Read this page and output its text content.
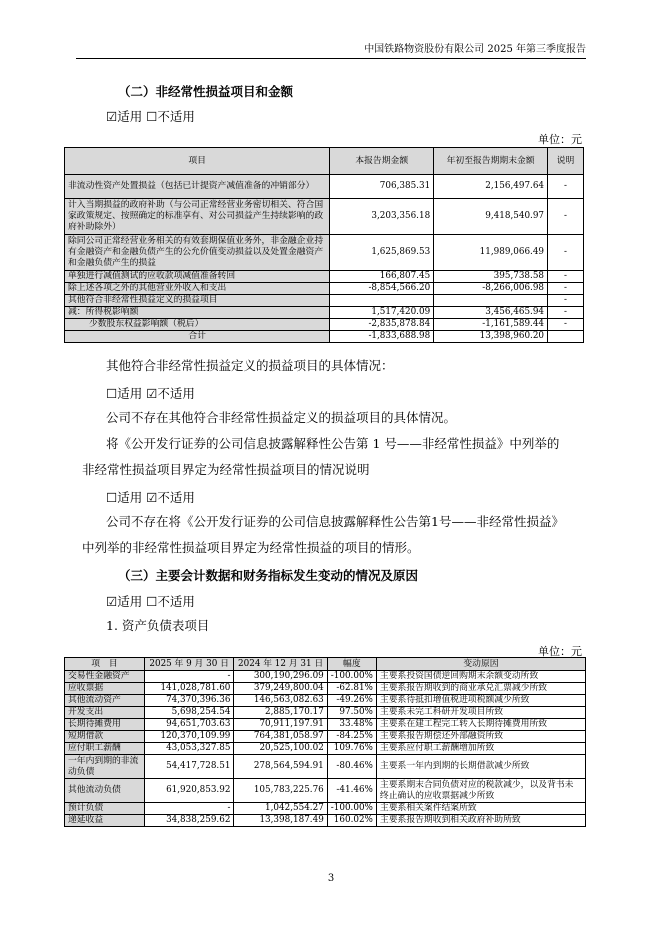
中国铁路物资股份有限公司 2025 年第三季度报告
（二）非经常性损益项目和金额
☑适用 ☐不适用
单位：元
项目	本报告期金额	年初至报告期期末金额	说明
非流动性资产处置损益（包括已计提资产减值准备的冲销部分）	706,385.31	2,156,497.64	-
计入当期损益的政府补助（与公司正常经营业务密切相关、符合国家政策规定、按照确定的标准享有、对公司损益产生持续影响的政府补助除外）	3,203,356.18	9,418,540.97	-
除同公司正常经营业务相关的有效套期保值业务外，非金融企业持有金融资产和金融负债产生的公允价值变动损益以及处置金融资产和金融负债产生的损益	1,625,869.53	11,989,066.49	-
单独进行减值测试的应收款项减值准备转回	166,807.45	395,738.58	-
除上述各项之外的其他营业外收入和支出	-8,854,566.20	-8,266,006.98	-
其他符合非经常性损益定义的损益项目			-
减：所得税影响额	1,517,420.09	3,456,465.94	-
少数股东权益影响额（税后）	-2,835,878.84	-1,161,589.44	-
合计	-1,833,688.98	13,398,960.20	
其他符合非经常性损益定义的损益项目的具体情况：
☐适用 ☑不适用
公司不存在其他符合非经常性损益定义的损益项目的具体情况。
将《公开发行证券的公司信息披露解释性公告第 1 号——非经常性损益》中列举的
非经常性损益项目界定为经常性损益项目的情况说明
☐适用 ☑不适用
公司不存在将《公开发行证券的公司信息披露解释性公告第1号——非经常性损益》
中列举的非经常性损益项目界定为经常性损益的项目的情形。
（三）主要会计数据和财务指标发生变动的情况及原因
☑适用 ☐不适用
1. 资产负债表项目
单位：元
项　目	2025 年 9 月 30 日	2024 年 12 月 31 日	幅度	变动原因
交易性金融资产	-	300,190,296.09	-100.00%	主要系投资国债逆回购期末余额变动所致
应收票据	141,028,781.60	379,249,800.04	-62.81%	主要系报告期收到的商业承兑汇票减少所致
其他流动资产	74,370,396.36	146,563,082.63	-49.26%	主要系待抵扣增值税进项税额减少所致
开发支出	5,698,254.54	2,885,170.17	97.50%	主要系未完工科研开发项目所致
长期待摊费用	94,651,703.63	70,911,197.91	33.48%	主要系在建工程完工转入长期待摊费用所致
短期借款	120,370,109.99	764,381,058.97	-84.25%	主要系报告期偿还外部融资所致
应付职工薪酬	43,053,327.85	20,525,100.02	109.76%	主要系应付职工薪酬增加所致
一年内到期的非流动负债	54,417,728.51	278,564,594.91	-80.46%	主要系一年内到期的长期借款减少所致
其他流动负债	61,920,853.92	105,783,225.76	-41.46%	主要系期末合同负债对应的税款减少，以及背书未终止确认的应收票据减少所致
预计负债	-	1,042,554.27	-100.00%	主要系相关案件结案所致
递延收益	34,838,259.62	13,398,187.49	160.02%	主要系报告期收到相关政府补助所致
3
